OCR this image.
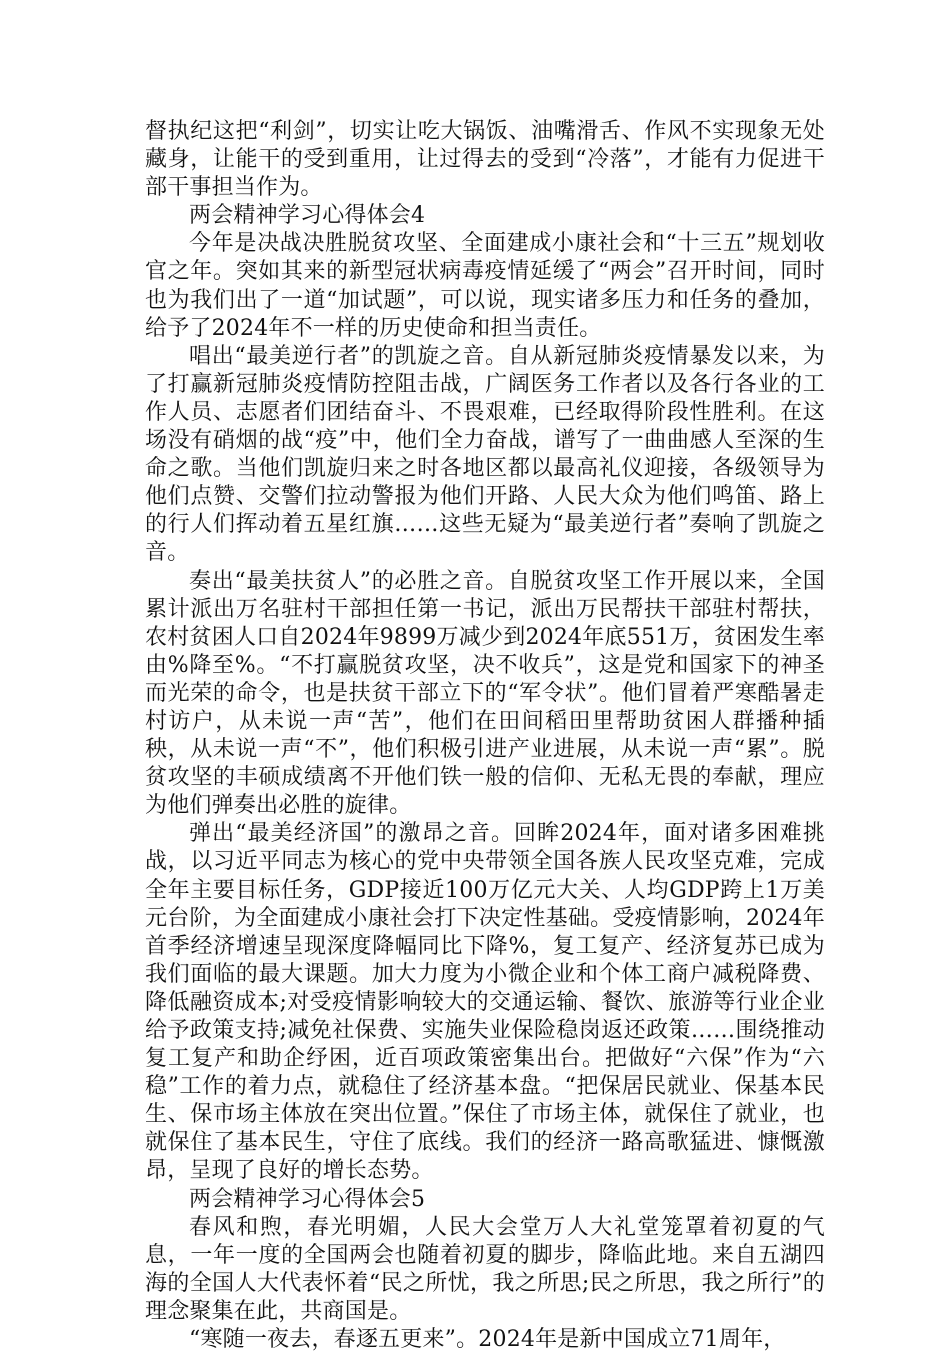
督执纪这把“利剑”，切实让吃大锅饭、油嘴滑舌、作风不实现象无处藏身，让能干的受到重用，让过得去的受到“冷落”，才能有力促进干部干事担当作为。

两会精神学习心得体会4

今年是决战决胜脱贫攻坚、全面建成小康社会和“十三五”规划收官之年。突如其来的新型冠状病毒疫情延缓了“两会”召开时间，同时也为我们出了一道“加试题”，可以说，现实诸多压力和任务的叠加，给予了2024年不一样的历史使命和担当责任。

唱出“最美逆行者”的凯旋之音。自从新冠肺炎疫情暴发以来，为了打赢新冠肺炎疫情防控阻击战，广阔医务工作者以及各行各业的工作人员、志愿者们团结奋斗、不畏艰难，已经取得阶段性胜利。在这场没有硝烟的战“疫”中，他们全力奋战，谱写了一曲曲感人至深的生命之歌。当他们凯旋归来之时各地区都以最高礼仪迎接，各级领导为他们点赞、交警们拉动警报为他们开路、人民大众为他们鸣笛、路上的行人们挥动着五星红旗……这些无疑为“最美逆行者”奏响了凯旋之音。

奏出“最美扶贫人”的必胜之音。自脱贫攻坚工作开展以来，全国累计派出万名驻村干部担任第一书记，派出万民帮扶干部驻村帮扶，农村贫困人口自2024年9899万减少到2024年底551万，贫困发生率由%降至%。“不打赢脱贫攻坚，决不收兵”，这是党和国家下的神圣而光荣的命令，也是扶贫干部立下的“军令状”。他们冒着严寒酷暑走村访户，从未说一声“苦”，他们在田间稻田里帮助贫困人群播种插秧，从未说一声“不”，他们积极引进产业进展，从未说一声“累”。脱贫攻坚的丰硕成绩离不开他们铁一般的信仰、无私无畏的奉献，理应为他们弹奏出必胜的旋律。

弹出“最美经济国”的激昂之音。回眸2024年，面对诸多困难挑战，以习近平同志为核心的党中央带领全国各族人民攻坚克难，完成全年主要目标任务，GDP接近100万亿元大关、人均GDP跨上1万美元台阶，为全面建成小康社会打下决定性基础。受疫情影响，2024年首季经济增速呈现深度降幅同比下降%，复工复产、经济复苏已成为我们面临的最大课题。加大力度为小微企业和个体工商户减税降费、降低融资成本;对受疫情影响较大的交通运输、餐饮、旅游等行业企业给予政策支持;减免社保费、实施失业保险稳岗返还政策……围绕推动复工复产和助企纾困，近百项政策密集出台。把做好“六保”作为“六稳”工作的着力点，就稳住了经济基本盘。“把保居民就业、保基本民生、保市场主体放在突出位置。”保住了市场主体，就保住了就业，也就保住了基本民生，守住了底线。我们的经济一路高歌猛进、慷慨激昂，呈现了良好的增长态势。

两会精神学习心得体会5

春风和煦，春光明媚，人民大会堂万人大礼堂笼罩着初夏的气息，一年一度的全国两会也随着初夏的脚步，降临此地。来自五湖四海的全国人大代表怀着“民之所忧，我之所思;民之所思，我之所行”的理念聚集在此，共商国是。

“寒随一夜去，春逐五更来”。2024年是新中国成立71周年，
